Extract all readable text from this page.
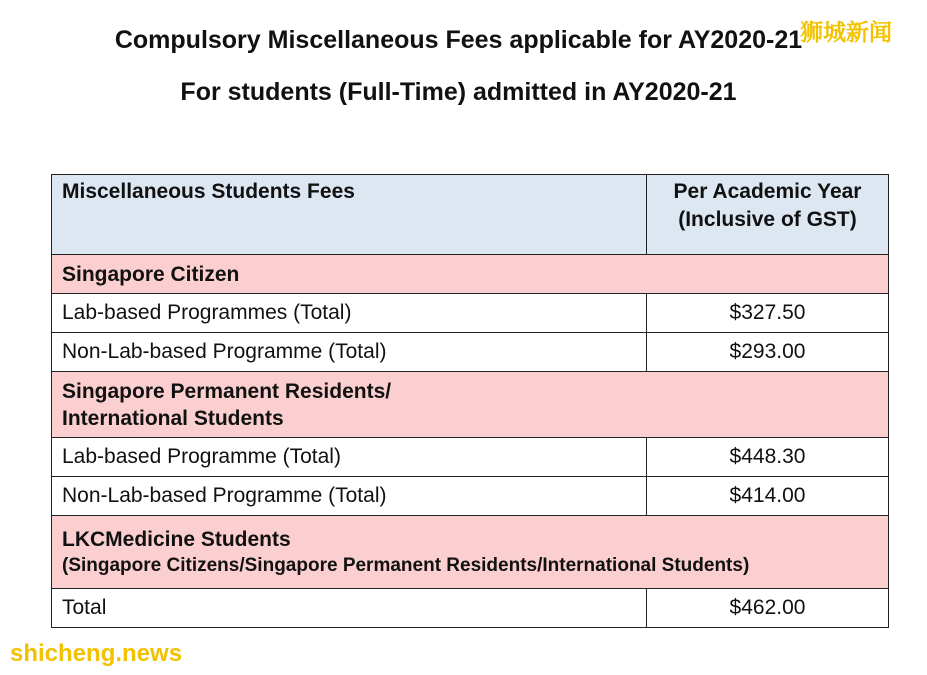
Compulsory Miscellaneous Fees applicable for AY2020-21
For students (Full-Time) admitted in AY2020-21
狮城新闻
Miscellaneous Students Fees	Per Academic Year
(Inclusive of GST)

Singapore Citizen	
Lab-based Programmes (Total)	$327.50
Non-Lab-based Programme (Total)	$293.00

Singapore Permanent Residents/
International Students	

Lab-based Programme (Total)	$448.30
Non-Lab-based Programme (Total)	$414.00

LKCMedicine Students
(Singapore Citizens/Singapore Permanent Residents/International Students)	

Total	$462.00
shicheng.news
